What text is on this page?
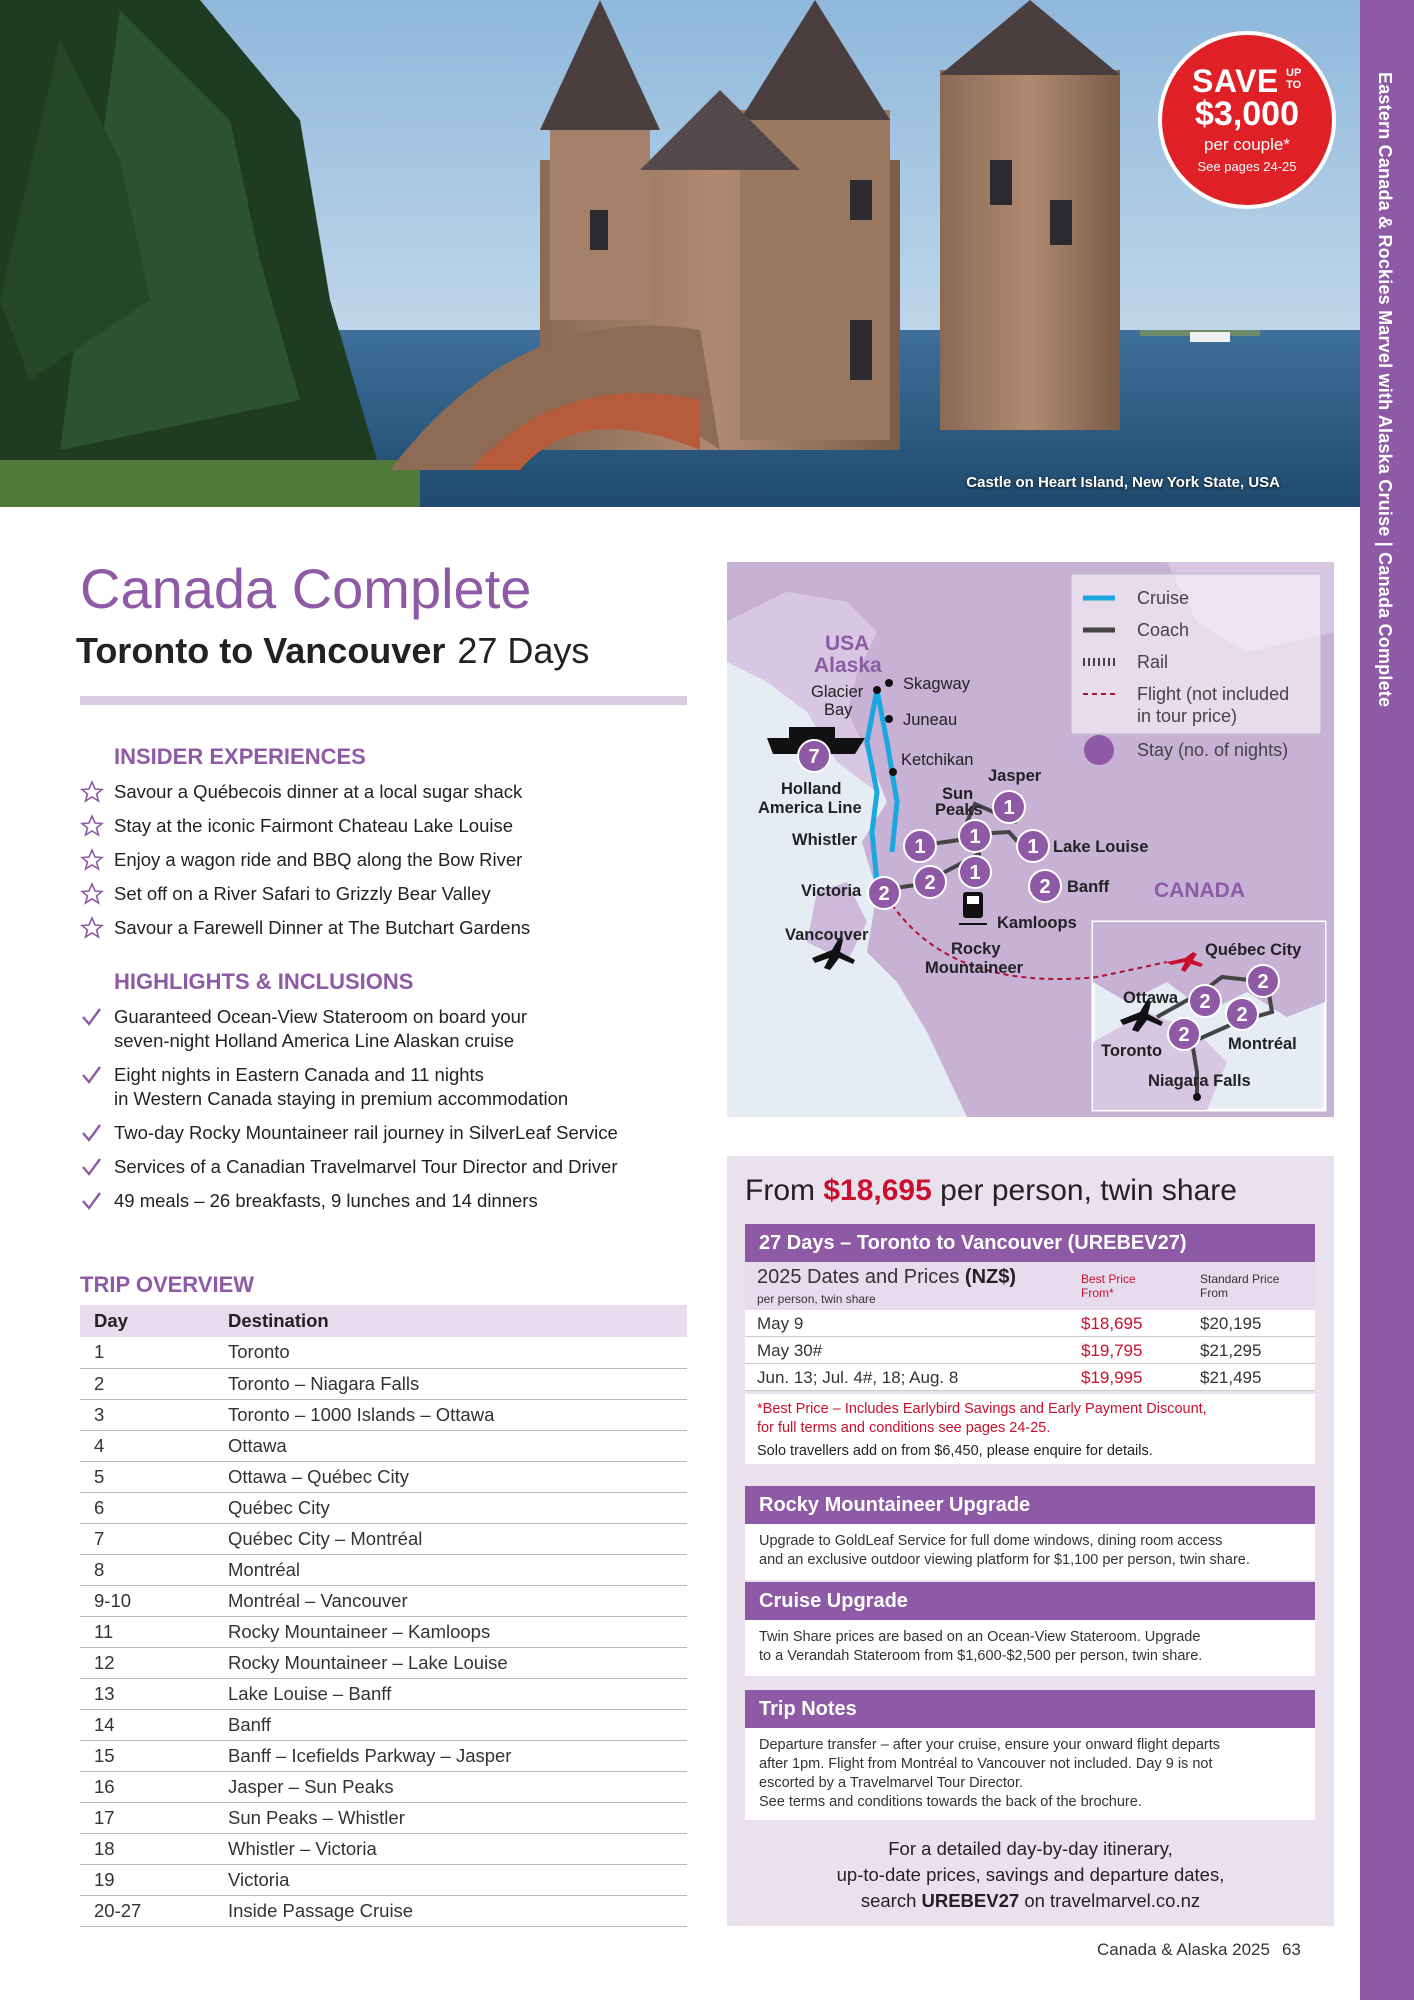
Castle on Heart Island, New York State, USA
SAVE UP
TO
$3,000
per couple*
See pages 24-25	Eastern Canada & Rockies Marvel with Alaska Cruise | Canada Complete
Canada Complete
Toronto to Vancouver 27 Days
INSIDER EXPERIENCES
Savour a Québecois dinner at a local sugar shack
Stay at the iconic Fairmont Chateau Lake Louise
Enjoy a wagon ride and BBQ along the Bow River
Set off on a River Safari to Grizzly Bear Valley
Savour a Farewell Dinner at The Butchart Gardens
HIGHLIGHTS & INCLUSIONS
Guaranteed Ocean-View Stateroom on board your
seven-night Holland America Line Alaskan cruise
Eight nights in Eastern Canada and 11 nights
in Western Canada staying in premium accommodation
Two-day Rocky Mountaineer rail journey in SilverLeaf Service
Services of a Canadian Travelmarvel Tour Director and Driver
49 meals – 26 breakfasts, 9 lunches and 14 dinners
TRIP OVERVIEW
Day	Destination
1	Toronto
2	Toronto – Niagara Falls
3	Toronto – 1000 Islands – Ottawa
4	Ottawa
5	Ottawa – Québec City
6	Québec City
7	Québec City – Montréal
8	Montréal
9-10	Montréal – Vancouver
11	Rocky Mountaineer – Kamloops
12	Rocky Mountaineer – Lake Louise
13	Lake Louise – Banff
14	Banff
15	Banff – Icefields Parkway – Jasper
16	Jasper – Sun Peaks
17	Sun Peaks – Whistler
18	Whistler – Victoria
19	Victoria
20-27	Inside Passage Cruise
Cruise
Coach
Rail
Flight (not included
in tour price)
Stay (no. of nights)
USA
Alaska
CANADA
7
1
2 2
1
1
1
1
2
2
2
2
2
Glacier
Bay
Skagway
Juneau
Ketchikan
Holland
America Line
Whistler
Victoria
Vancouver
Jasper
Sun
Peaks
Lake Louise
Banff
Kamloops
Rocky
Mountaineer
Québec City
Ottawa
Montréal
Toronto
Niagara Falls
From $18,695 per person, twin share
27 Days – Toronto to Vancouver (UREBEV27)
2025 Dates and Prices (NZ$)
per person, twin share
Best Price
From*
Standard Price
From
May 9	$18,695	$20,195
May 30#	$19,795	$21,295
Jun. 13; Jul. 4#, 18; Aug. 8	$19,995	$21,495
*Best Price – Includes Earlybird Savings and Early Payment Discount,
for full terms and conditions see pages 24-25.
Solo travellers add on from $6,450, please enquire for details.
Rocky Mountaineer Upgrade
Upgrade to GoldLeaf Service for full dome windows, dining room access
and an exclusive outdoor viewing platform for $1,100 per person, twin share.
Cruise Upgrade
Twin Share prices are based on an Ocean-View Stateroom. Upgrade
to a Verandah Stateroom from $1,600-$2,500 per person, twin share.
Trip Notes
Departure transfer – after your cruise, ensure your onward flight departs
after 1pm. Flight from Montréal to Vancouver not included. Day 9 is not
escorted by a Travelmarvel Tour Director.
See terms and conditions towards the back of the brochure.
For a detailed day-by-day itinerary,
up-to-date prices, savings and departure dates,
search UREBEV27 on travelmarvel.co.nz
Canada & Alaska 2025 63
